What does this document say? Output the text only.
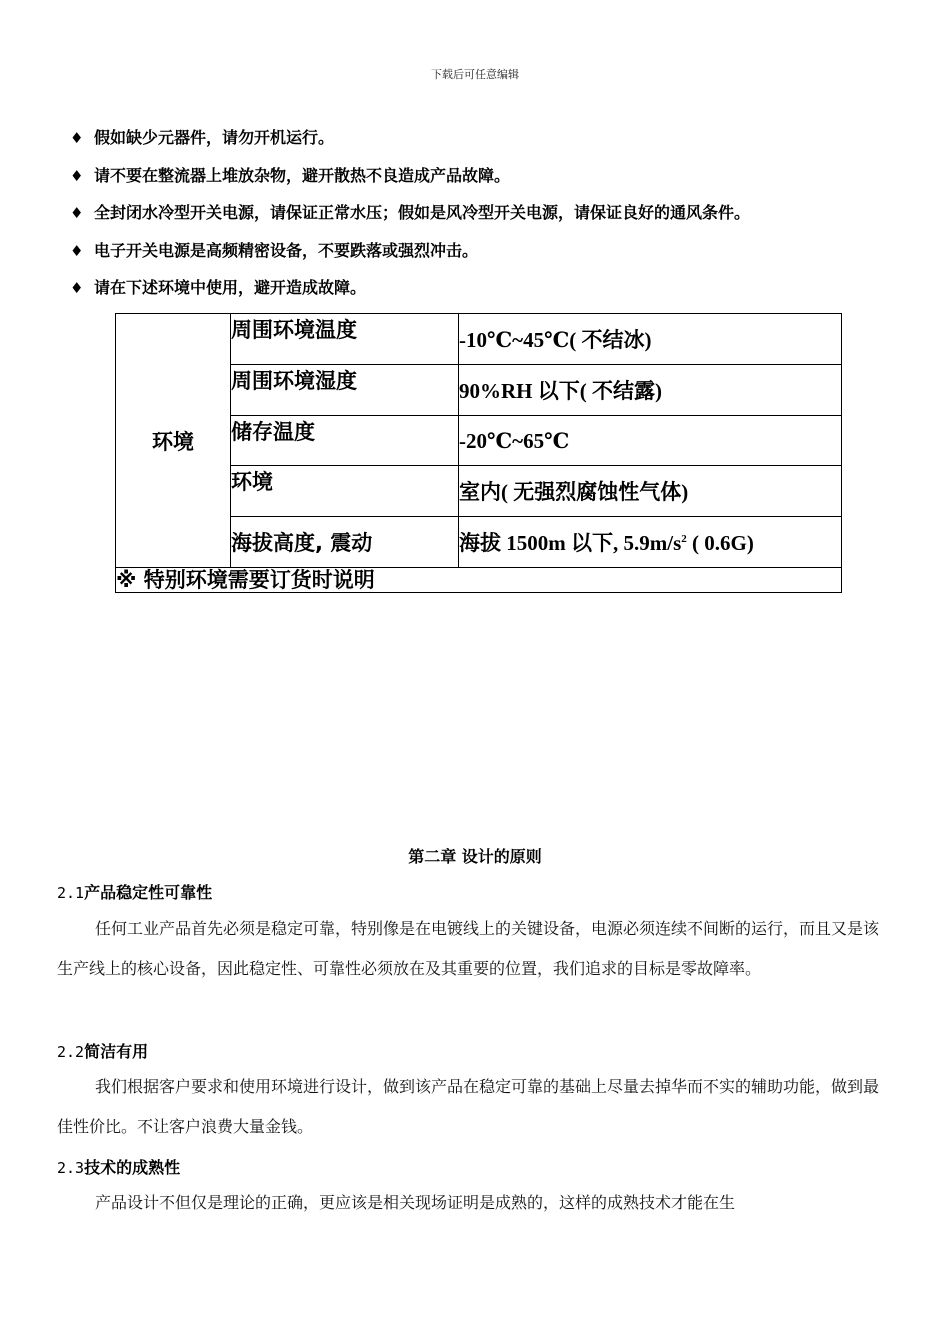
下载后可任意编辑
♦ 假如缺少元器件，请勿开机运行。
♦ 请不要在整流器上堆放杂物，避开散热不良造成产品故障。
♦ 全封闭水冷型开关电源，请保证正常水压；假如是风冷型开关电源，请保证良好的通风条件。
♦ 电子开关电源是高频精密设备，不要跌落或强烈冲击。
♦ 请在下述环境中使用，避开造成故障。
环境	周围环境温度	-10℃~45℃( 不结冰)
	周围环境湿度	90%RH 以下( 不结露)
	储存温度	-20℃~65℃
	环境	室内( 无强烈腐蚀性气体)
	海拔高度, 震动	海拔 1500m 以下, $5.9m/s^2$ ( 0.6G)
※ 特别环境需要订货时说明		
第二章 设计的原则
2.1产品稳定性可靠性
任何工业产品首先必须是稳定可靠，特别像是在电镀线上的关键设备，电源必须连续不间断的运行，而且又是该生产线上的核心设备，因此稳定性、可靠性必须放在及其重要的位置，我们追求的目标是零故障率。
2.2简洁有用
我们根据客户要求和使用环境进行设计，做到该产品在稳定可靠的基础上尽量去掉华而不实的辅助功能，做到最佳性价比。不让客户浪费大量金钱。
2.3技术的成熟性
产品设计不但仅是理论的正确，更应该是相关现场证明是成熟的，这样的成熟技术才能在生
